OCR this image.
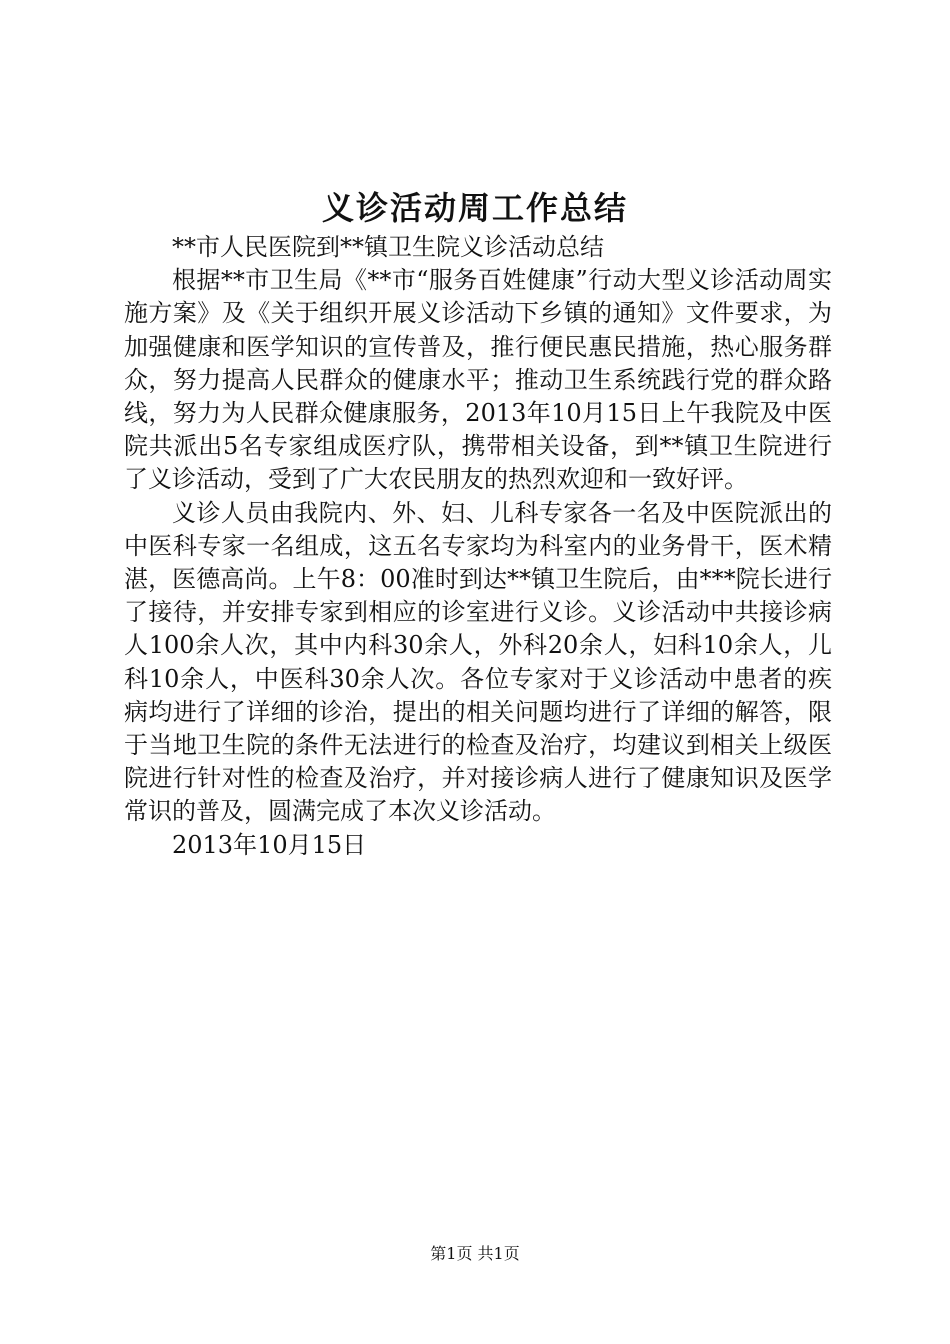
义诊活动周工作总结

**市人民医院到**镇卫生院义诊活动总结

根据**市卫生局《**市“服务百姓健康”行动大型义诊活动周实施方案》及《关于组织开展义诊活动下乡镇的通知》文件要求，为加强健康和医学知识的宣传普及，推行便民惠民措施，热心服务群众，努力提高人民群众的健康水平；推动卫生系统践行党的群众路线，努力为人民群众健康服务，2013年10月15日上午我院及中医院共派出5名专家组成医疗队，携带相关设备，到**镇卫生院进行了义诊活动，受到了广大农民朋友的热烈欢迎和一致好评。

义诊人员由我院内、外、妇、儿科专家各一名及中医院派出的中医科专家一名组成，这五名专家均为科室内的业务骨干，医术精湛，医德高尚。上午8：00准时到达**镇卫生院后，由***院长进行了接待，并安排专家到相应的诊室进行义诊。义诊活动中共接诊病人100余人次，其中内科30余人，外科20余人，妇科10余人，儿科10余人，中医科30余人次。各位专家对于义诊活动中患者的疾病均进行了详细的诊治，提出的相关问题均进行了详细的解答，限于当地卫生院的条件无法进行的检查及治疗，均建议到相关上级医院进行针对性的检查及治疗，并对接诊病人进行了健康知识及医学常识的普及，圆满完成了本次义诊活动。

2013年10月15日

第1页 共1页
